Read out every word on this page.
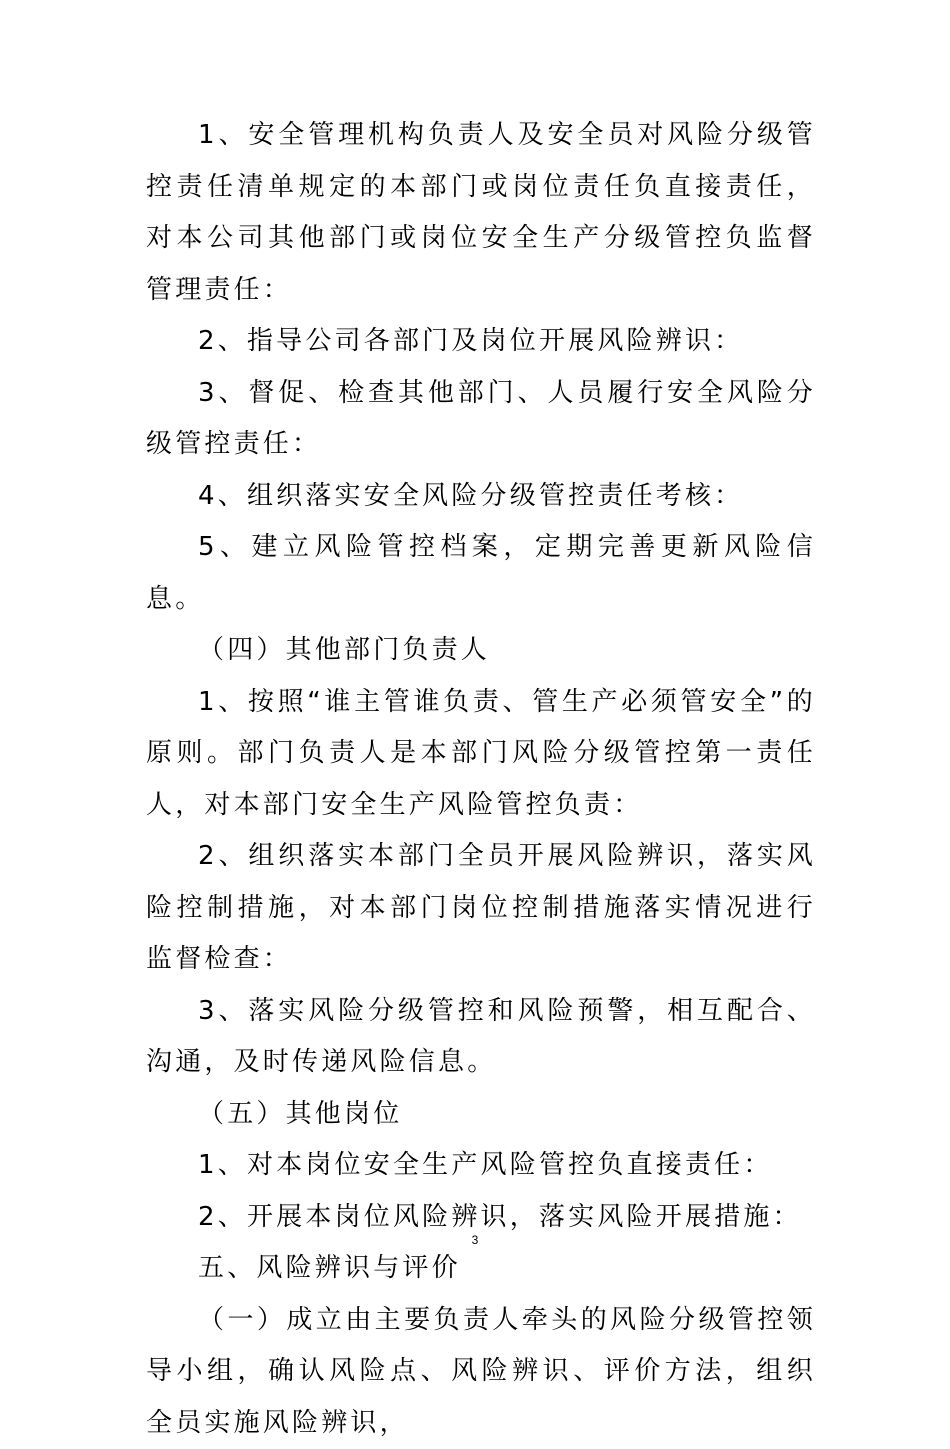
1、安全管理机构负责人及安全员对风险分级管控责任清单规定的本部门或岗位责任负直接责任，对本公司其他部门或岗位安全生产分级管控负监督管理责任：

2、指导公司各部门及岗位开展风险辨识：

3、督促、检查其他部门、人员履行安全风险分级管控责任：

4、组织落实安全风险分级管控责任考核：

5、建立风险管控档案，定期完善更新风险信息。

（四）其他部门负责人

1、按照“谁主管谁负责、管生产必须管安全”的原则。部门负责人是本部门风险分级管控第一责任人，对本部门安全生产风险管控负责：

2、组织落实本部门全员开展风险辨识，落实风险控制措施，对本部门岗位控制措施落实情况进行监督检查：

3、落实风险分级管控和风险预警，相互配合、沟通，及时传递风险信息。

（五）其他岗位

1、对本岗位安全生产风险管控负直接责任：

2、开展本岗位风险辨识，落实风险开展措施：

五、风险辨识与评价

（一）成立由主要负责人牵头的风险分级管控领导小组，确认风险点、风险辨识、评价方法，组织全员实施风险辨识，

3
